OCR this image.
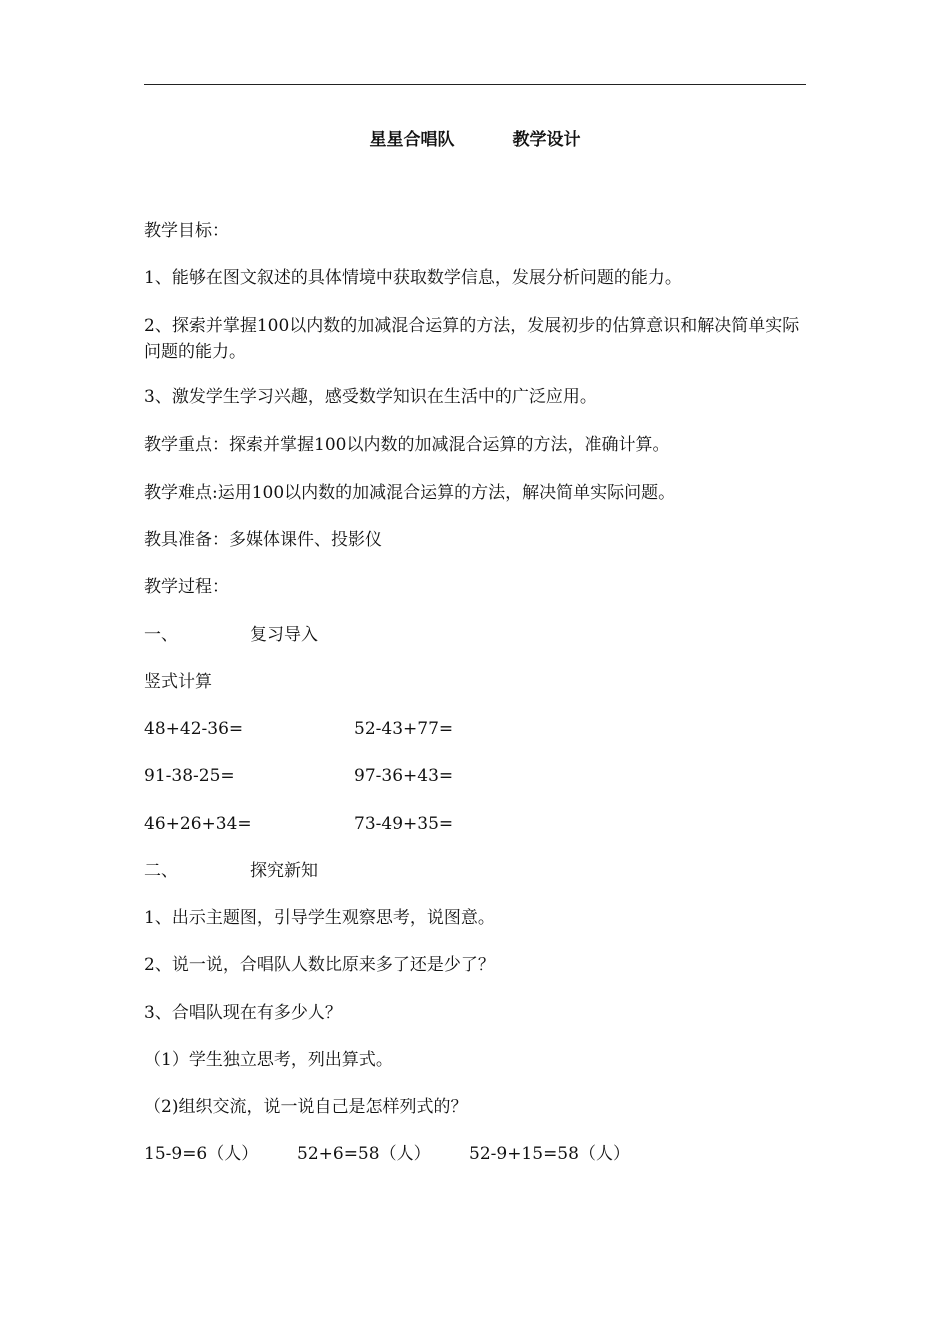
星星合唱队	教学设计
教学目标：
1、能够在图文叙述的具体情境中获取数学信息，发展分析问题的能力。
2、探索并掌握100以内数的加减混合运算的方法，发展初步的估算意识和解决简单实际问题的能力。
3、激发学生学习兴趣，感受数学知识在生活中的广泛应用。
教学重点：探索并掌握100以内数的加减混合运算的方法，准确计算。
教学难点:运用100以内数的加减混合运算的方法，解决简单实际问题。
教具准备：多媒体课件、投影仪
教学过程：
一、	复习导入
竖式计算
48+42-36=	52-43+77=
91-38-25=	97-36+43=
46+26+34=	73-49+35=
二、	探究新知
1、出示主题图，引导学生观察思考，说图意。
2、说一说，合唱队人数比原来多了还是少了？
3、合唱队现在有多少人？
（1）学生独立思考，列出算式。
（2)组织交流，说一说自己是怎样列式的？
15-9=6（人） 52+6=58（人） 52-9+15=58（人）
